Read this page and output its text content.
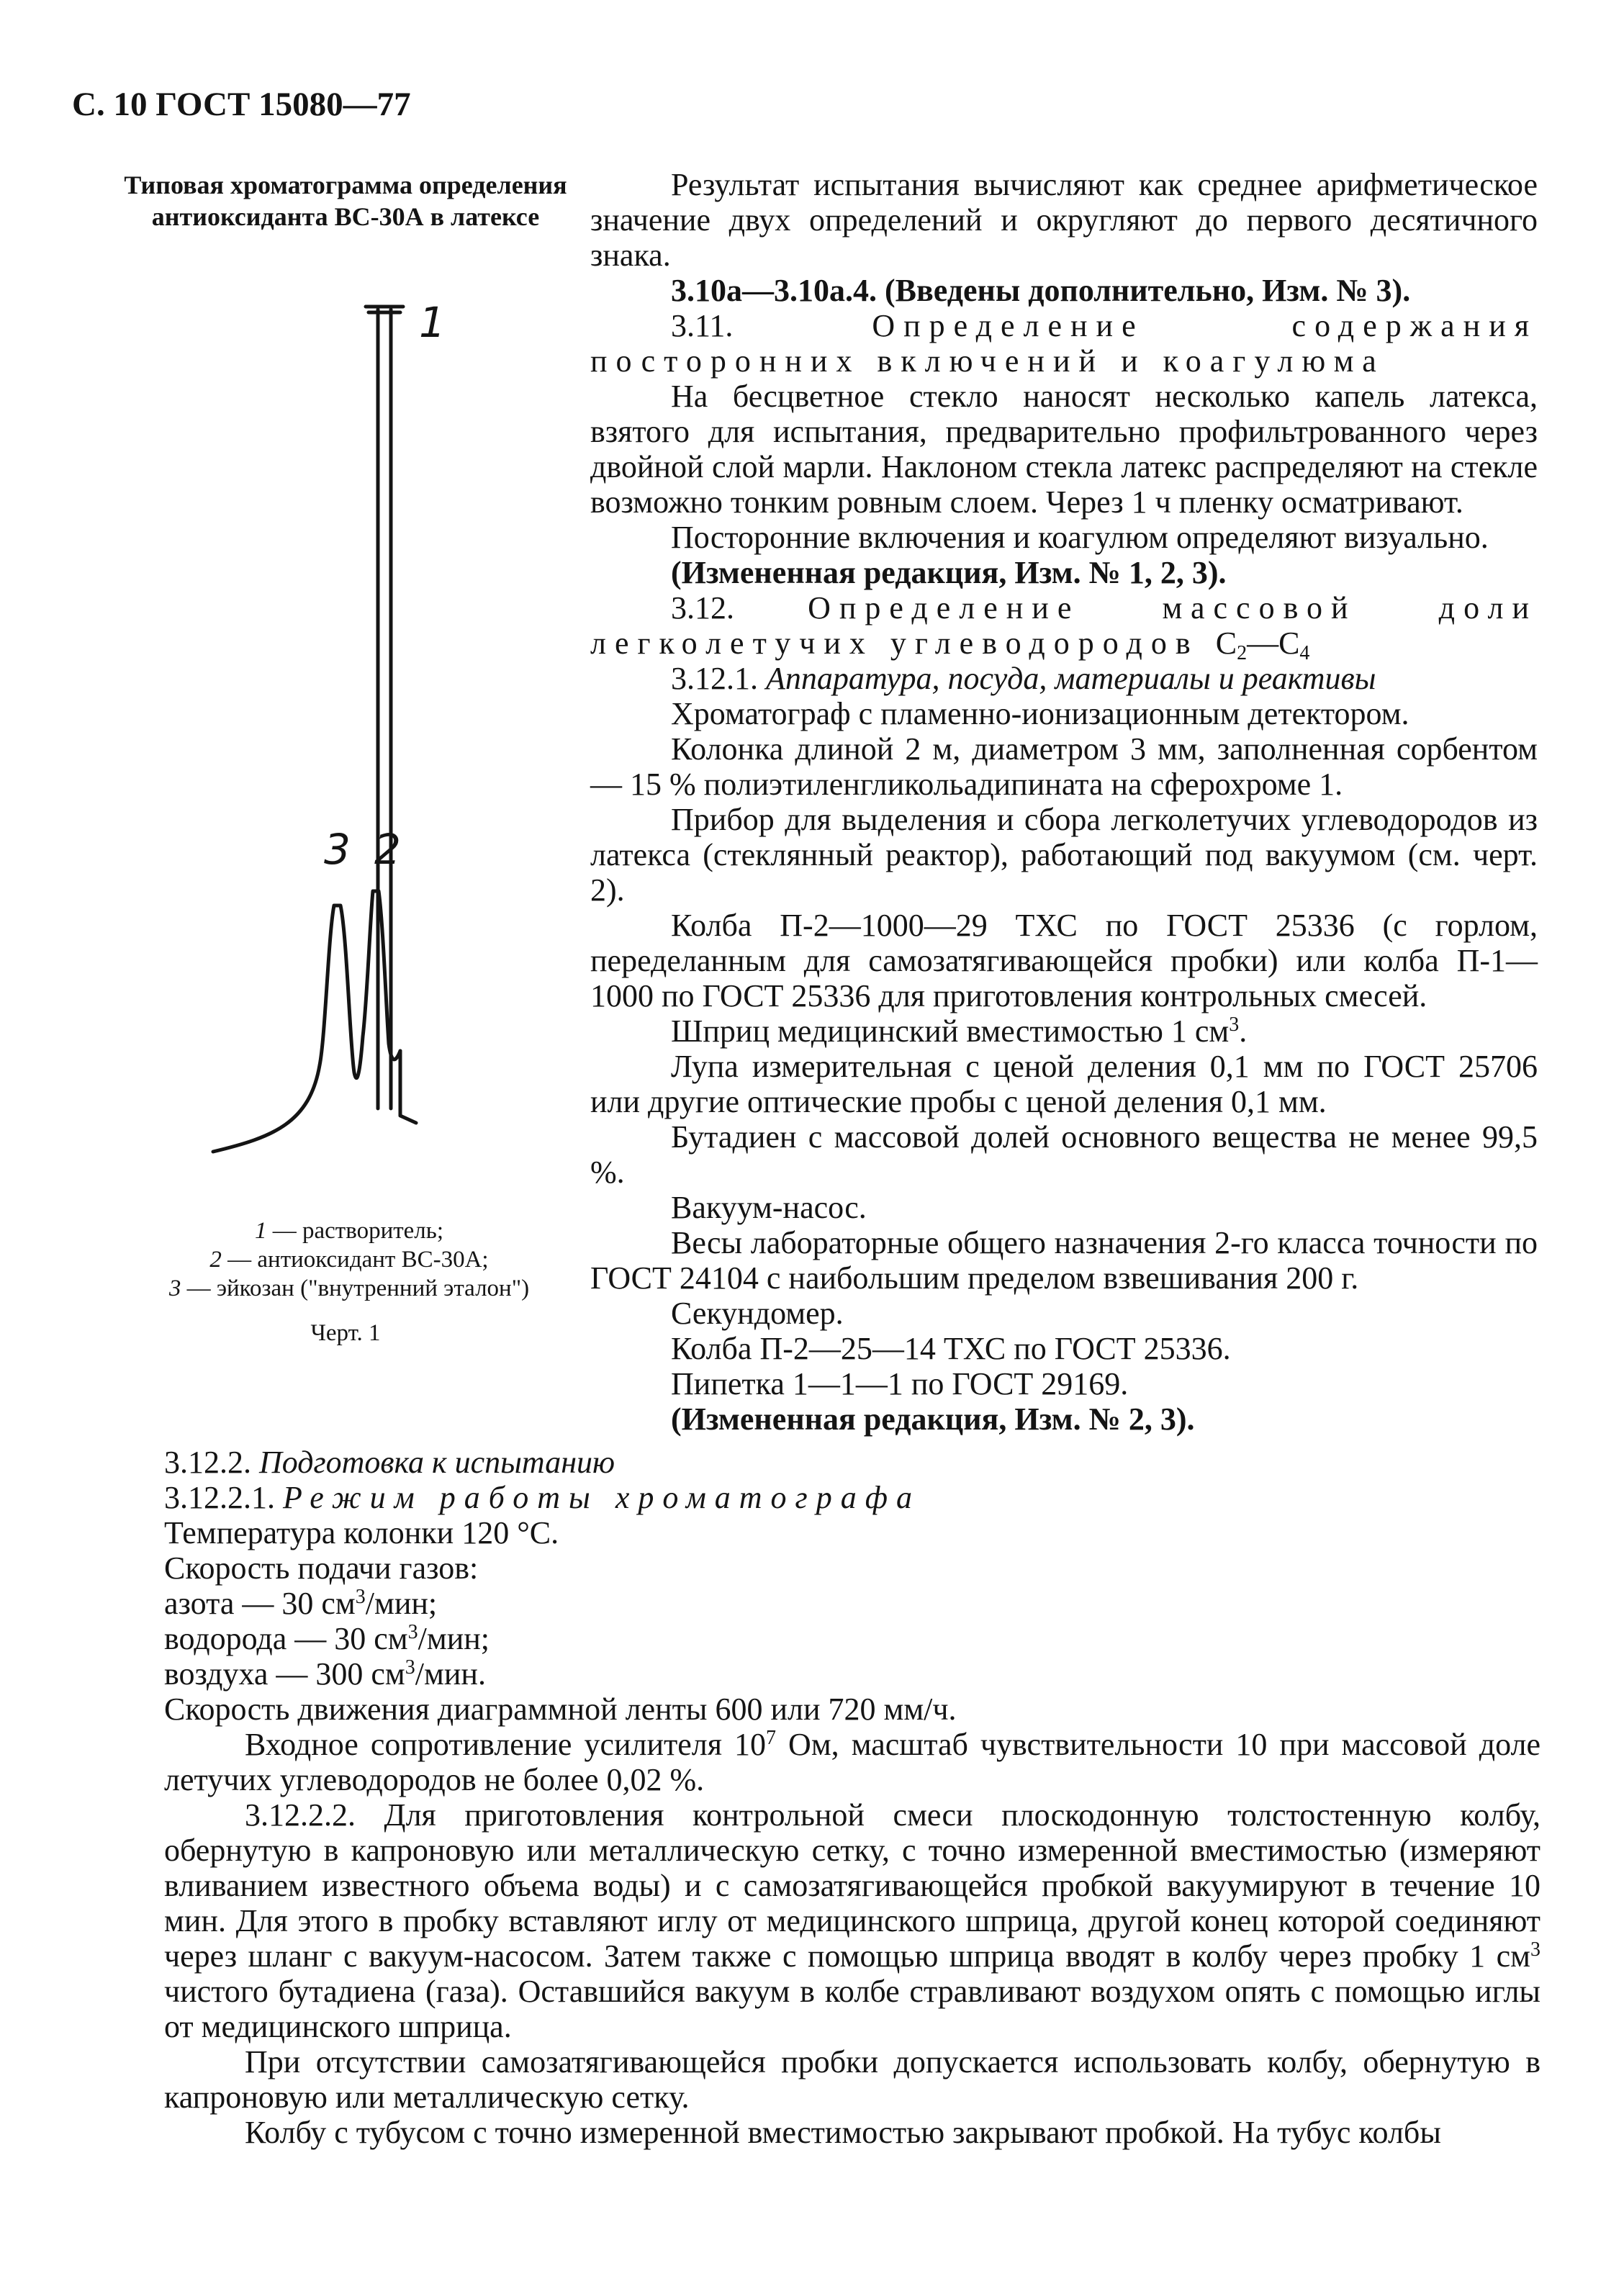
С. 10 ГОСТ 15080—77
Типовая хроматограмма определения
антиоксиданта ВС-30А в латексе
1
2
3
1 — растворитель;
2 — антиоксидант ВС-30А;
3 — эйкозан ("внутренний эталон")
Черт. 1

Результат испытания вычисляют как среднее арифметическое значение двух определений и округляют до первого десятичного знака.

3.10а—3.10а.4. (Введены дополнительно, Изм. № 3).

3.11. Определение содержания посторонних включений и коагулюма

На бесцветное стекло наносят несколько капель латекса, взятого для испытания, предварительно профильтрованного через двойной слой марли. Наклоном стекла латекс распределяют на стекле возможно тонким ровным слоем. Через 1 ч пленку осматривают.

Посторонние включения и коагулюм определяют визуально.

(Измененная редакция, Изм. № 1, 2, 3).

3.12. Определение массовой доли легколетучих углеводородов $С_2—С_4$

3.12.1. Аппаратура, посуда, материалы и реактивы

Хроматограф с пламенно-ионизационным детектором.

Колонка длиной 2 м, диаметром 3 мм, заполненная сорбентом — 15 % полиэтиленгликольадипината на сферохроме 1.

Прибор для выделения и сбора легколетучих углеводородов из латекса (стеклянный реактор), работающий под вакуумом (см. черт. 2).

Колба П-2—1000—29 ТХС по ГОСТ 25336 (с горлом, переделанным для самозатягивающейся пробки) или колба П-1—1000 по ГОСТ 25336 для приготовления контрольных смесей.

Шприц медицинский вместимостью 1 $см^3$.

Лупа измерительная с ценой деления 0,1 мм по ГОСТ 25706 или другие оптические пробы с ценой деления 0,1 мм.

Бутадиен с массовой долей основного вещества не менее 99,5 %.

Вакуум-насос.

Весы лабораторные общего назначения 2-го класса точности по ГОСТ 24104 с наибольшим пределом взвешивания 200 г.

Секундомер.

Колба П-2—25—14 ТХС по ГОСТ 25336.

Пипетка 1—1—1 по ГОСТ 29169.

(Измененная редакция, Изм. № 2, 3).

3.12.2. Подготовка к испытанию

3.12.2.1. Режим работы хроматографа

Температура колонки 120 °С.

Скорость подачи газов:

азота — 30 $см^3$/мин;

водорода — 30 $см^3$/мин;

воздуха — 300 $см^3$/мин.

Скорость движения диаграммной ленты 600 или 720 мм/ч.

Входное сопротивление усилителя $10^7$ Ом, масштаб чувствительности 10 при массовой доле летучих углеводородов не более 0,02 %.

3.12.2.2. Для приготовления контрольной смеси плоскодонную толстостенную колбу, обернутую в капроновую или металлическую сетку, с точно измеренной вместимостью (измеряют вливанием известного объема воды) и с самозатягивающейся пробкой вакуумируют в течение 10 мин. Для этого в пробку вставляют иглу от медицинского шприца, другой конец которой соединяют через шланг с вакуум-насосом. Затем также с помощью шприца вводят в колбу через пробку 1 $см^3$ чистого бутадиена (газа). Оставшийся вакуум в колбе стравливают воздухом опять с помощью иглы от медицинского шприца.

При отсутствии самозатягивающейся пробки допускается использовать колбу, обернутую в капроновую или металлическую сетку.

Колбу с тубусом с точно измеренной вместимостью закрывают пробкой. На тубус колбы
